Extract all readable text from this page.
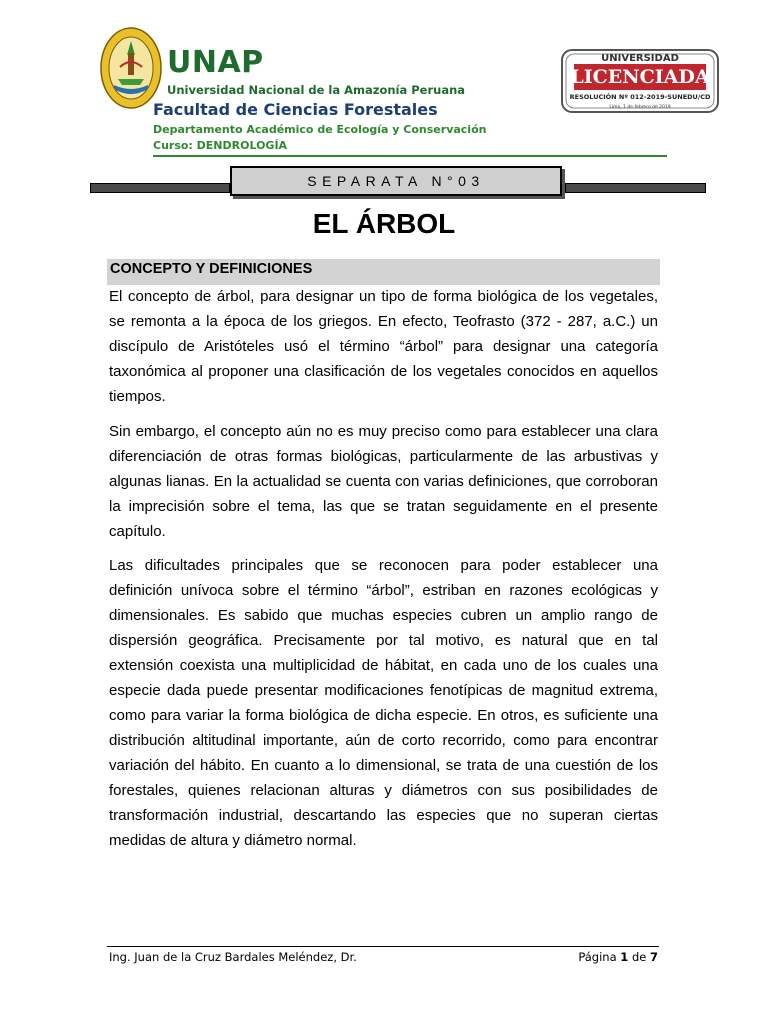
UNAP
Universidad Nacional de la Amazonía Peruana
Facultad de Ciencias Forestales
Departamento Académico de Ecología y Conservación
Curso: DENDROLOGÍA
UNIVERSIDAD
LICENCIADA
RESOLUCIÓN Nº 012-2019-SUNEDU/CD
Lima, 1 de febrero de 2019
SEPARATA N°03
EL ÁRBOL
CONCEPTO Y DEFINICIONES

El concepto de árbol, para designar un tipo de forma biológica de los vegetales, se remonta a la época de los griegos. En efecto, Teofrasto (372 - 287, a.C.) un discípulo de Aristóteles usó el término “árbol” para designar una categoría taxonómica al proponer una clasificación de los vegetales conocidos en aquellos tiempos.

Sin embargo, el concepto aún no es muy preciso como para establecer una clara diferenciación de otras formas biológicas, particularmente de las arbustivas y algunas lianas. En la actualidad se cuenta con varias definiciones, que corroboran la imprecisión sobre el tema, las que se tratan seguidamente en el presente capítulo.

Las dificultades principales que se reconocen para poder establecer una definición unívoca sobre el término “árbol”, estriban en razones ecológicas y dimensionales. Es sabido que muchas especies cubren un amplio rango de dispersión geográfica. Precisamente por tal motivo, es natural que en tal extensión coexista una multiplicidad de hábitat, en cada uno de los cuales una especie dada puede presentar modificaciones fenotípicas de magnitud extrema, como para variar la forma biológica de dicha especie. En otros, es suficiente una distribución altitudinal importante, aún de corto recorrido, como para encontrar variación del hábito. En cuanto a lo dimensional, se trata de una cuestión de los forestales, quienes relacionan alturas y diámetros con sus posibilidades de transformación industrial, descartando las especies que no superan ciertas medidas de altura y diámetro normal.

Ing. Juan de la Cruz Bardales Meléndez, Dr.	Página 1 de 7
